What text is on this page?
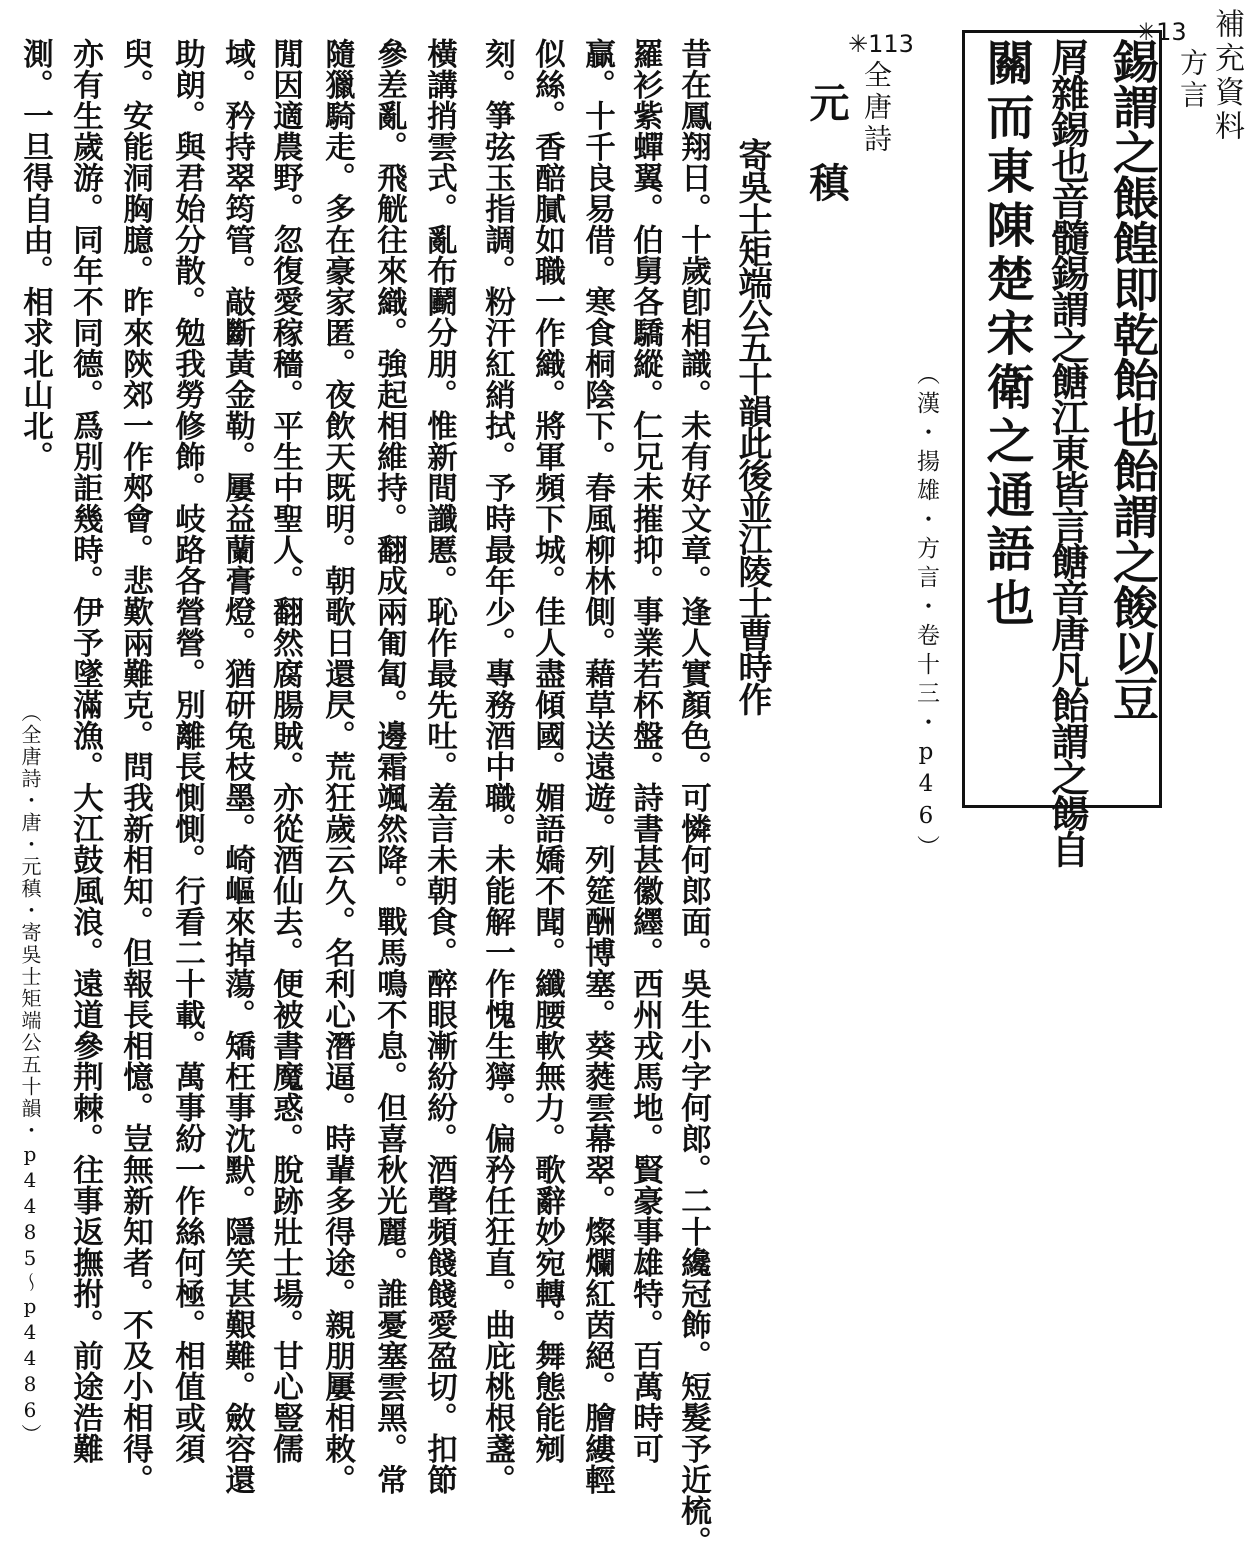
補充資料
✳13
方言
錫謂之餦餭即乾飴也飴謂之餕以豆
屑雜錫也音髓錫謂之餹江東皆言餹音唐凡飴謂之餳自
關而東陳楚宋衛之通語也
（漢・揚雄・方言・卷十三・p46）
✳113
全唐詩
元　稹
寄吳士矩端公五十韻此後並江陵士曹時作
昔在鳳翔日。十歲卽相識。未有好文章。逢人實顏色。可憐何郎面。吳生小字何郎。二十纔冠飾。短髮予近梳。
羅衫紫蟬翼。伯舅各驕縱。仁兄未摧抑。事業若杯盤。詩書甚徽纆。西州戎馬地。賢豪事雄特。百萬時可
贏。十千良易借。寒食桐陰下。春風柳林側。藉草送遠遊。列筵酬博塞。葵蕤雲幕翠。燦爛紅茵絕。膾縷輕
似絲。香醅膩如職一作織。將軍頻下城。佳人盡傾國。媚語嬌不聞。纖腰軟無力。歌辭妙宛轉。舞態能剜
刻。箏弦玉指調。粉汗紅綃拭。予時最年少。專務酒中職。未能解一作愧生獰。偏矜任狂直。曲庇桃根盞。
橫講捎雲式。亂布鬬分朋。惟新間讖慝。恥作最先吐。羞言未朝食。醉眼漸紛紛。酒聲頻餞餞愛盈切。扣節
參差亂。飛觥往來織。強起相維持。翻成兩匍匐。邊霜颯然降。戰馬鳴不息。但喜秋光麗。誰憂塞雲黑。常
隨獵騎走。多在豪家匿。夜飲天既明。朝歌日還昃。荒狂歲云久。名利心潛逼。時輩多得途。親朋屢相敕。
閒因適農野。忽復愛稼穡。平生中聖人。翻然腐腸賊。亦從酒仙去。便被書魔惑。脫跡壯士場。甘心豎儒
域。矜持翠筠管。敲斷黃金勒。屢益蘭膏燈。猶研兔枝墨。崎嶇來掉蕩。矯枉事沈默。隱笑甚艱難。斂容還
助朗。與君始分散。勉我勞修飾。岐路各營營。別離長惻惻。行看二十載。萬事紛一作絲何極。相值或須
臾。安能洞胸臆。昨來陝郊一作郟會。悲歎兩難克。問我新相知。但報長相憶。豈無新知者。不及小相得。
亦有生歲游。同年不同德。爲別詎幾時。伊予墜滿漁。大江鼓風浪。遠道參荆棘。往事返撫拊。前途浩難
測。一旦得自由。相求北山北。
（全唐詩・唐・元稹・寄吳士矩端公五十韻・p4485〜p4486）
